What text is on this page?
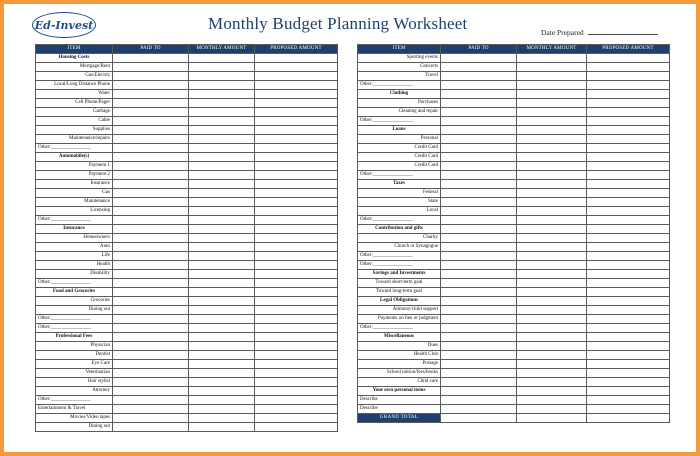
Ed-Invest	Monthly Budget Planning Worksheet	Date Prepared
ITEM	PAID TO	MONTHLY AMOUNT	PROPOSED AMOUNT
Housing Costs			
Mortgage/Rent			
Gas/Electric			
Local/Long Distance Phone			
Water			
Cell Phone/Pager			
Garbage			
Cable			
Supplies			
Maintenance/repairs			
Other:________________			
Automobile(s)			
Payment 1			
Payment 2			
Insurance			
Gas			
Maintenance			
Licensing			
Other:________________			
Insurance			
Homeowners			
Auto			
Life			
Health			
Disability			
Other:________________			
Food and Groceries			
Groceries			
Dining out			
Other:________________			
Other:________________			
Professional Fees			
Physician			
Dentist			
Eye Care			
Veterinarian			
Hair stylist			
Attorney			
Other:________________			
Entertainment & Travel			
Movies/Video tapes			
Dining out			
ITEM	PAID TO	MONTHLY AMOUNT	PROPOSED AMOUNT
Sporting events			
Concerts			
Travel			
Other:________________			
Clothing			
Purchases			
Cleaning and repair			
Other:________________			
Loans			
Personal			
Credit Card			
Credit Card			
Credit Card			
Other:________________			
Taxes			
Federal			
State			
Local			
Other:________________			
Contribution and gifts			
Charity			
Church or Synagogue			
Other:________________			
Other:________________			
Savings and Investments			
Toward short-term goal			
Toward long-term goal			
Legal Obligations			
Alimony/child support			
Payments on lien or judgment			
Other:________________			
Miscellaneous			
Dues			
Health Club			
Postage			
School tuition/fees/books			
Child care			
Your own personal items			
Describe			
Describe			
GRAND TOTAL			
